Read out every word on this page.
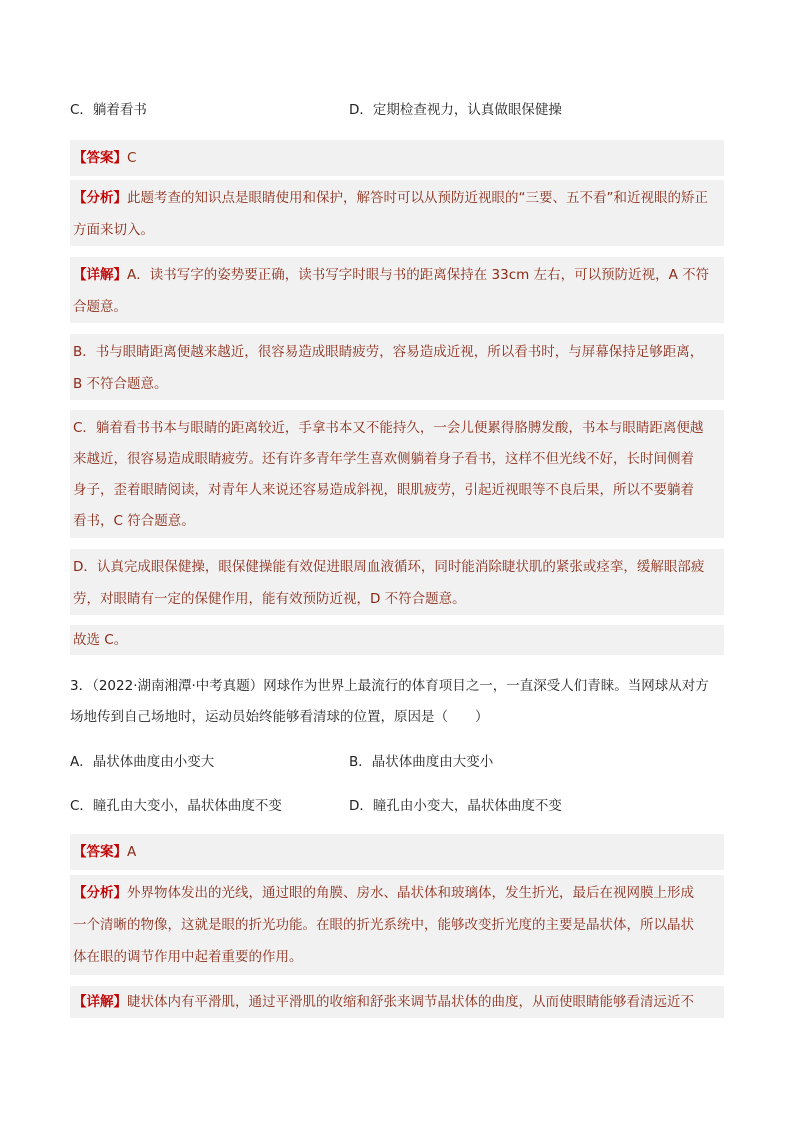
C．躺着看书	D．定期检查视力，认真做眼保健操
【答案】C
【分析】此题考查的知识点是眼睛使用和保护，解答时可以从预防近视眼的“三要、五不看”和近视眼的矫正
方面来切入。
【详解】A．读书写字的姿势要正确，读书写字时眼与书的距离保持在 33cm 左右，可以预防近视，A 不符
合题意。
B．书与眼睛距离便越来越近，很容易造成眼睛疲劳，容易造成近视，所以看书时，与屏幕保持足够距离，
B 不符合题意。
C．躺着看书书本与眼睛的距离较近，手拿书本又不能持久，一会儿便累得胳膊发酸，书本与眼睛距离便越
来越近，很容易造成眼睛疲劳。还有许多青年学生喜欢侧躺着身子看书，这样不但光线不好，长时间侧着
身子，歪着眼睛阅读，对青年人来说还容易造成斜视，眼肌疲劳，引起近视眼等不良后果，所以不要躺着
看书，C 符合题意。
D．认真完成眼保健操，眼保健操能有效促进眼周血液循环，同时能消除睫状肌的紧张或痉挛，缓解眼部疲
劳，对眼睛有一定的保健作用，能有效预防近视，D 不符合题意。
故选 C。
3．（2022·湖南湘潭·中考真题）网球作为世界上最流行的体育项目之一，一直深受人们青睐。当网球从对方
场地传到自己场地时，运动员始终能够看清球的位置，原因是（　　）
A．晶状体曲度由小变大	B．晶状体曲度由大变小
C．瞳孔由大变小，晶状体曲度不变	D．瞳孔由小变大，晶状体曲度不变
【答案】A
【分析】外界物体发出的光线，通过眼的角膜、房水、晶状体和玻璃体，发生折光，最后在视网膜上形成
一个清晰的物像，这就是眼的折光功能。在眼的折光系统中，能够改变折光度的主要是晶状体，所以晶状
体在眼的调节作用中起着重要的作用。
【详解】睫状体内有平滑肌，通过平滑肌的收缩和舒张来调节晶状体的曲度，从而使眼睛能够看清远近不
